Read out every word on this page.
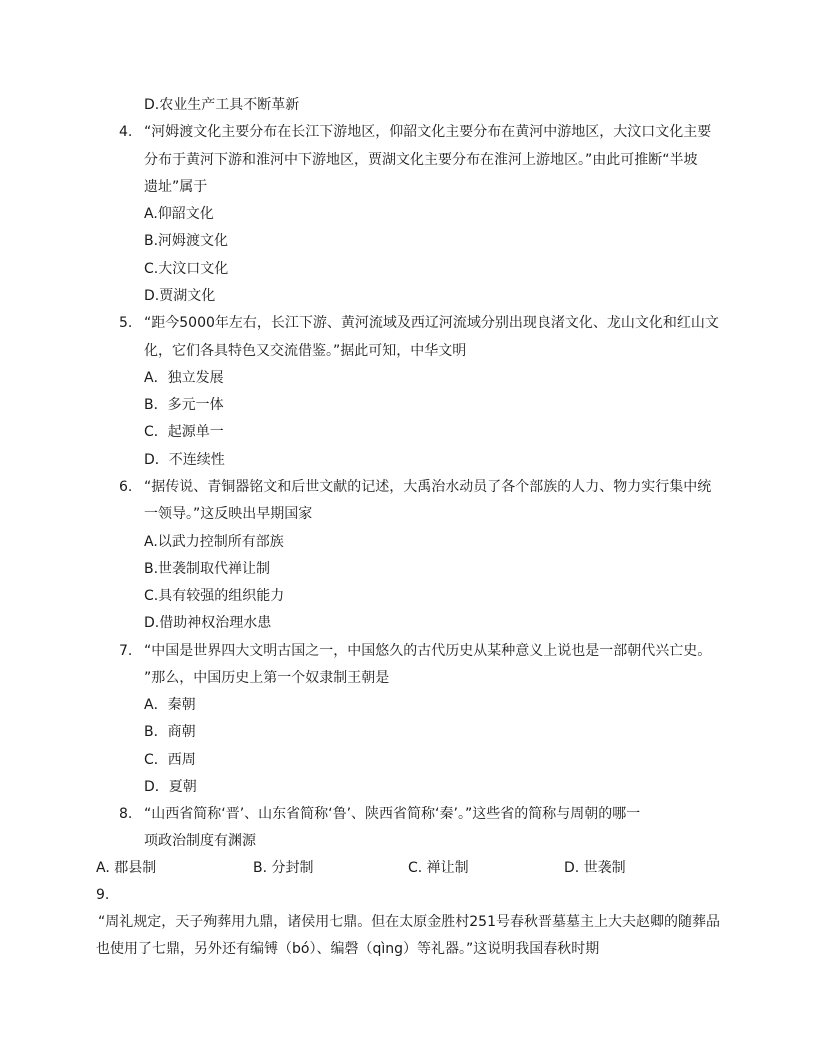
D.农业生产工具不断革新
4. “河姆渡文化主要分布在长江下游地区，仰韶文化主要分布在黄河中游地区，大汶口文化主要
分布于黄河下游和淮河中下游地区，贾湖文化主要分布在淮河上游地区。”由此可推断“半坡
遗址”属于
A.仰韶文化
B.河姆渡文化
C.大汶口文化
D.贾湖文化
5. “距今5000年左右，长江下游、黄河流域及西辽河流域分别出现良渚文化、龙山文化和红山文
化，它们各具特色又交流借鉴。”据此可知，中华文明
A．独立发展
B．多元一体
C．起源单一
D．不连续性
6. “据传说、青铜器铭文和后世文献的记述，大禹治水动员了各个部族的人力、物力实行集中统
一领导。”这反映出早期国家
A.以武力控制所有部族
B.世袭制取代禅让制
C.具有较强的组织能力
D.借助神权治理水患
7. “中国是世界四大文明古国之一，中国悠久的古代历史从某种意义上说也是一部朝代兴亡史。
”那么，中国历史上第一个奴隶制王朝是
A．秦朝
B．商朝
C．西周
D．夏朝
8. “山西省简称‘晋’、山东省简称‘鲁’、陕西省简称‘秦’。”这些省的简称与周朝的哪一
项政治制度有渊源
A. 郡县制	B. 分封制	C. 禅让制	D. 世袭制
9.
“周礼规定，天子殉葬用九鼎，诸侯用七鼎。但在太原金胜村251号春秋晋墓墓主上大夫赵卿的随葬品
也使用了七鼎，另外还有编镈（bó）、编磬（qìng）等礼器。”这说明我国春秋时期
